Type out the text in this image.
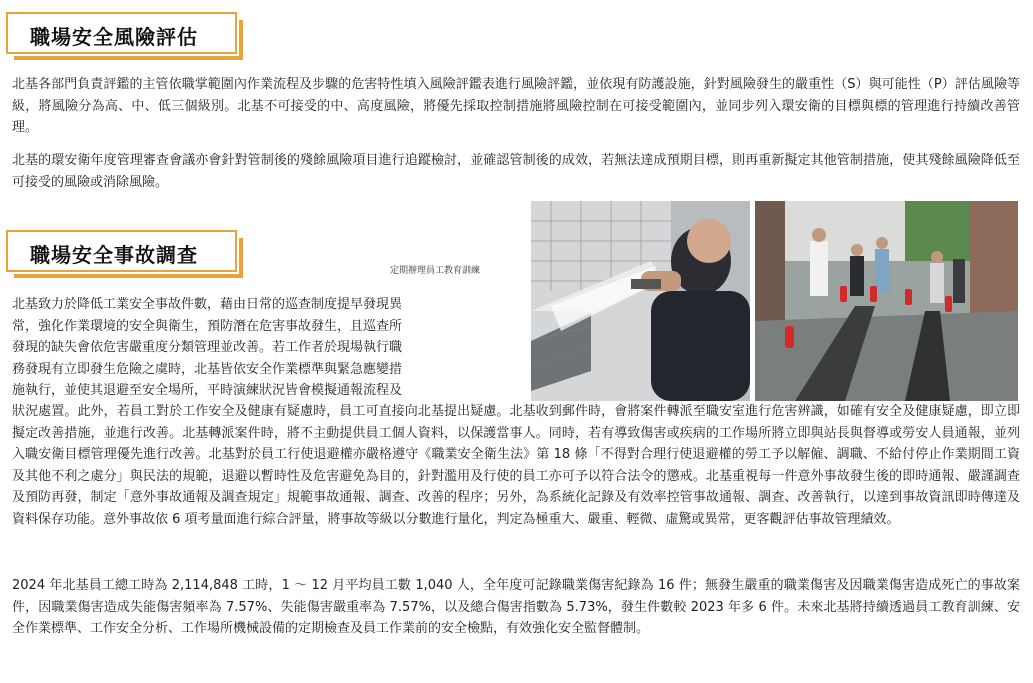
職場安全風險評估

北基各部門負責評鑑的主管依職掌範圍內作業流程及步驟的危害特性填入風險評鑑表進行風險評鑑，並依現有防護設施，針對風險發生的嚴重性（S）與可能性（P）評估風險等級，將風險分為高、中、低三個級別。北基不可接受的中、高度風險，將優先採取控制措施將風險控制在可接受範圍內，並同步列入環安衛的目標與標的管理進行持續改善管理。

北基的環安衛年度管理審查會議亦會針對管制後的殘餘風險項目進行追蹤檢討，並確認管制後的成效，若無法達成預期目標，則再重新擬定其他管制措施，使其殘餘風險降低至可接受的風險或消除風險。

職場安全事故調查
定期辦理員工教育訓練
北基致力於降低工業安全事故件數，藉由日常的巡查制度提早發現異
常，強化作業環境的安全與衛生，預防潛在危害事故發生，且巡查所
發現的缺失會依危害嚴重度分類管理並改善。若工作者於現場執行職
務發現有立即發生危險之虞時，北基皆依安全作業標準與緊急應變措
施執行，並使其退避至安全場所，平時演練狀況皆會模擬通報流程及

狀況處置。此外，若員工對於工作安全及健康有疑慮時，員工可直接向北基提出疑慮。北基收到郵件時，會將案件轉派至職安室進行危害辨識，如確有安全及健康疑慮，即立即擬定改善措施，並進行改善。北基轉派案件時，將不主動提供員工個人資料，以保護當事人。同時，若有導致傷害或疾病的工作場所將立即與站長與督導或勞安人員通報，並列入職安衛目標管理優先進行改善。北基對於員工行使退避權亦嚴格遵守《職業安全衛生法》第 18 條「不得對合理行使退避權的勞工予以解僱、調職、不給付停止作業期間工資及其他不利之處分」與民法的規範，退避以暫時性及危害避免為目的，針對濫用及行使的員工亦可予以符合法令的懲戒。北基重視每一件意外事故發生後的即時通報、嚴謹調查及預防再發，制定「意外事故通報及調查規定」規範事故通報、調查、改善的程序；另外，為系統化記錄及有效率控管事故通報、調查、改善執行，以達到事故資訊即時傳達及資料保存功能。意外事故依 6 項考量面進行綜合評量，將事故等級以分數進行量化，判定為極重大、嚴重、輕微、虛驚或異常，更客觀評估事故管理績效。

2024 年北基員工總工時為 2,114,848 工時，1 ～ 12 月平均員工數 1,040 人，全年度可記錄職業傷害紀錄為 16 件；無發生嚴重的職業傷害及因職業傷害造成死亡的事故案件，因職業傷害造成失能傷害頻率為 7.57%、失能傷害嚴重率為 7.57%，以及總合傷害指數為 5.73%，發生件數較 2023 年多 6 件。未來北基將持續透過員工教育訓練、安全作業標準、工作安全分析、工作場所機械設備的定期檢查及員工作業前的安全檢點，有效強化安全監督體制。
